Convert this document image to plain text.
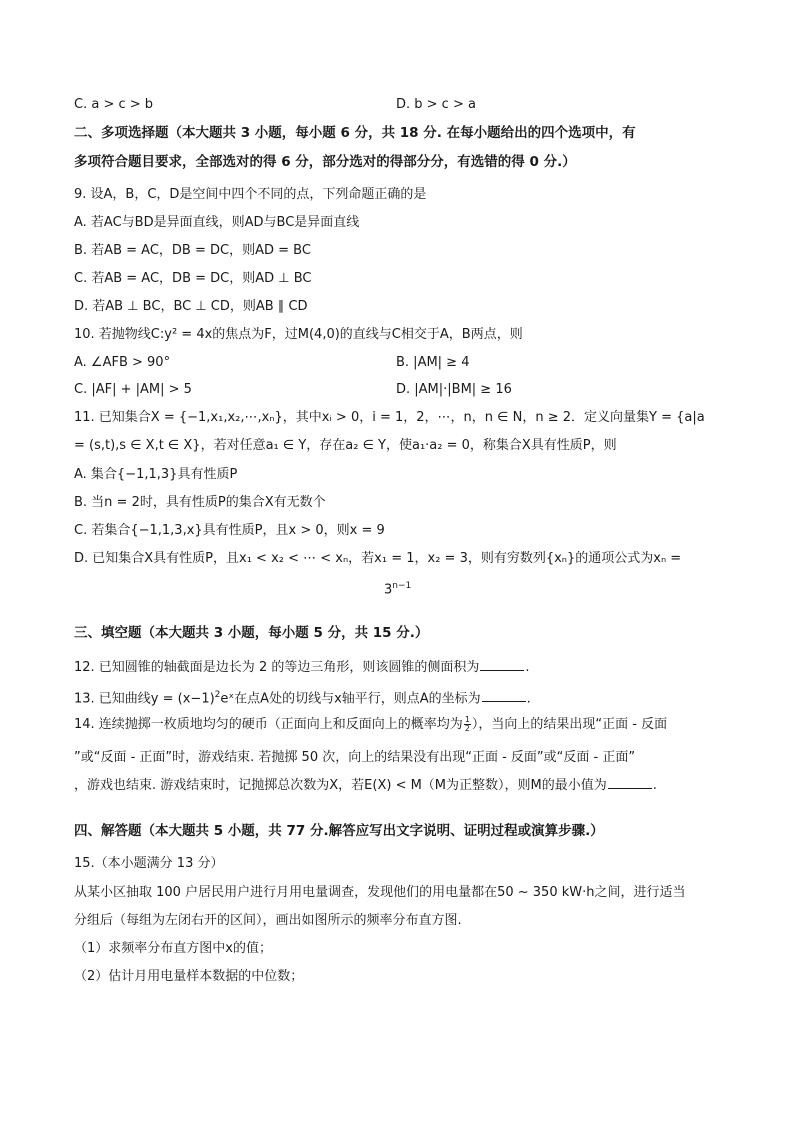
C. a > c > b	D. b > c > a
二、多项选择题（本大题共 3 小题，每小题 6 分，共 18 分. 在每小题给出的四个选项中，有
多项符合题目要求，全部选对的得 6 分，部分选对的得部分分，有选错的得 0 分.）
9. 设A，B，C，D是空间中四个不同的点，下列命题正确的是
A. 若AC与BD是异面直线，则AD与BC是异面直线
B. 若AB = AC，DB = DC，则AD = BC
C. 若AB = AC，DB = DC，则AD ⊥ BC
D. 若AB ⊥ BC，BC ⊥ CD，则AB ∥ CD
10. 若抛物线C:y² = 4x的焦点为F，过M(4,0)的直线与C相交于A，B两点，则
A. ∠AFB > 90°	B. |AM| ≥ 4
C. |AF| + |AM| > 5	D. |AM|·|BM| ≥ 16
11. 已知集合X = {−1,x₁,x₂,⋯,xₙ}，其中xᵢ > 0，i = 1，2，⋯，n，n ∈ N，n ≥ 2．定义向量集Y = {a|a
= (s,t),s ∈ X,t ∈ X}，若对任意a₁ ∈ Y，存在a₂ ∈ Y，使a₁·a₂ = 0，称集合X具有性质P，则
A. 集合{−1,1,3}具有性质P
B. 当n = 2时，具有性质P的集合X有无数个
C. 若集合{−1,1,3,x}具有性质P，且x > 0，则x = 9
D. 已知集合X具有性质P，且x₁ < x₂ < ⋯ < xₙ，若x₁ = 1，x₂ = 3，则有穷数列{xₙ}的通项公式为xₙ =
$3^{n-1}$
三、填空题（本大题共 3 小题，每小题 5 分，共 15 分.）
12. 已知圆锥的轴截面是边长为 2 的等边三角形，则该圆锥的侧面积为	.
13. 已知曲线$y = (x-1)^2eˣ$在点A处的切线与x轴平行，则点A的坐标为	.
14. 连续抛掷一枚质地均匀的硬币（正面向上和反面向上的概率均为 $\frac{1}{2}$ ），当向上的结果出现“正面 - 反面
”或“反面 - 正面”时，游戏结束. 若抛掷 50 次，向上的结果没有出现“正面 - 反面”或“反面 - 正面”
，游戏也结束. 游戏结束时，记抛掷总次数为X，若E(X) < M（M为正整数），则M的最小值为	.
四、解答题（本大题共 5 小题，共 77 分.解答应写出文字说明、证明过程或演算步骤.）
15.（本小题满分 13 分）
从某小区抽取 100 户居民用户进行月用电量调查，发现他们的用电量都在50 ~ 350 kW·h之间，进行适当
分组后（每组为左闭右开的区间），画出如图所示的频率分布直方图.
（1）求频率分布直方图中x的值；
（2）估计月用电量样本数据的中位数；
